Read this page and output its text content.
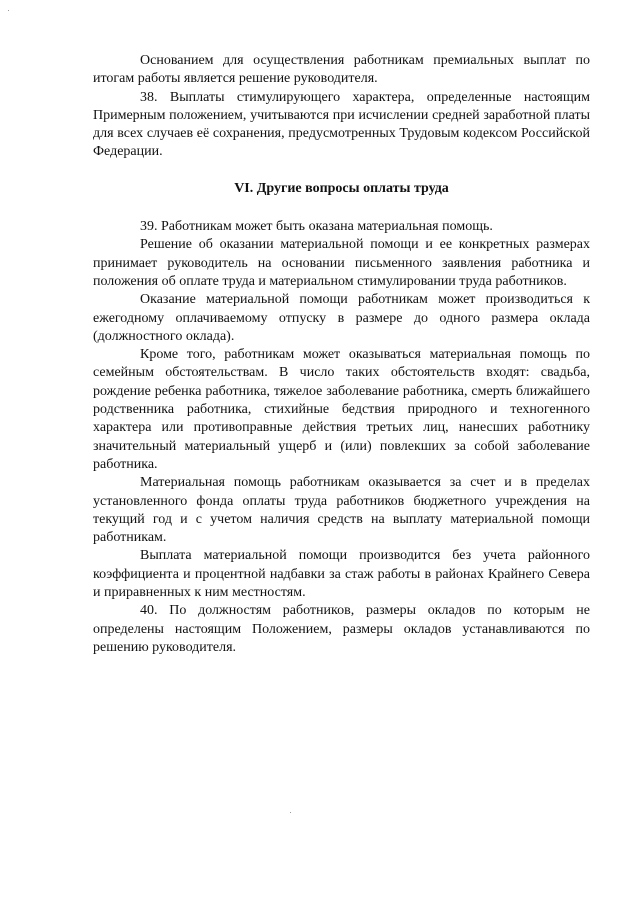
Основанием для осуществления работникам премиальных выплат по итогам работы является решение руководителя.

38. Выплаты стимулирующего характера, определенные настоящим Примерным положением, учитываются при исчислении средней заработной платы для всех случаев её сохранения, предусмотренных Трудовым кодексом Российской Федерации.

VI. Другие вопросы оплаты труда

39. Работникам может быть оказана материальная помощь.

Решение об оказании материальной помощи и ее конкретных размерах принимает руководитель на основании письменного заявления работника и положения об оплате труда и материальном стимулировании труда работников.

Оказание материальной помощи работникам может производиться к ежегодному оплачиваемому отпуску в размере до одного размера оклада (должностного оклада).

Кроме того, работникам может оказываться материальная помощь по семейным обстоятельствам. В число таких обстоятельств входят: свадьба, рождение ребенка работника, тяжелое заболевание работника, смерть ближайшего родственника работника, стихийные бедствия природного и техногенного характера или противоправные действия третьих лиц, нанесших работнику значительный материальный ущерб и (или) повлекших за собой заболевание работника.

Материальная помощь работникам оказывается за счет и в пределах установленного фонда оплаты труда работников бюджетного учреждения на текущий год и с учетом наличия средств на выплату материальной помощи работникам.

Выплата материальной помощи производится без учета районного коэффициента и процентной надбавки за стаж работы в районах Крайнего Севера и приравненных к ним местностям.

40. По должностям работников, размеры окладов по которым не определены настоящим Положением, размеры окладов устанавливаются по решению руководителя.
